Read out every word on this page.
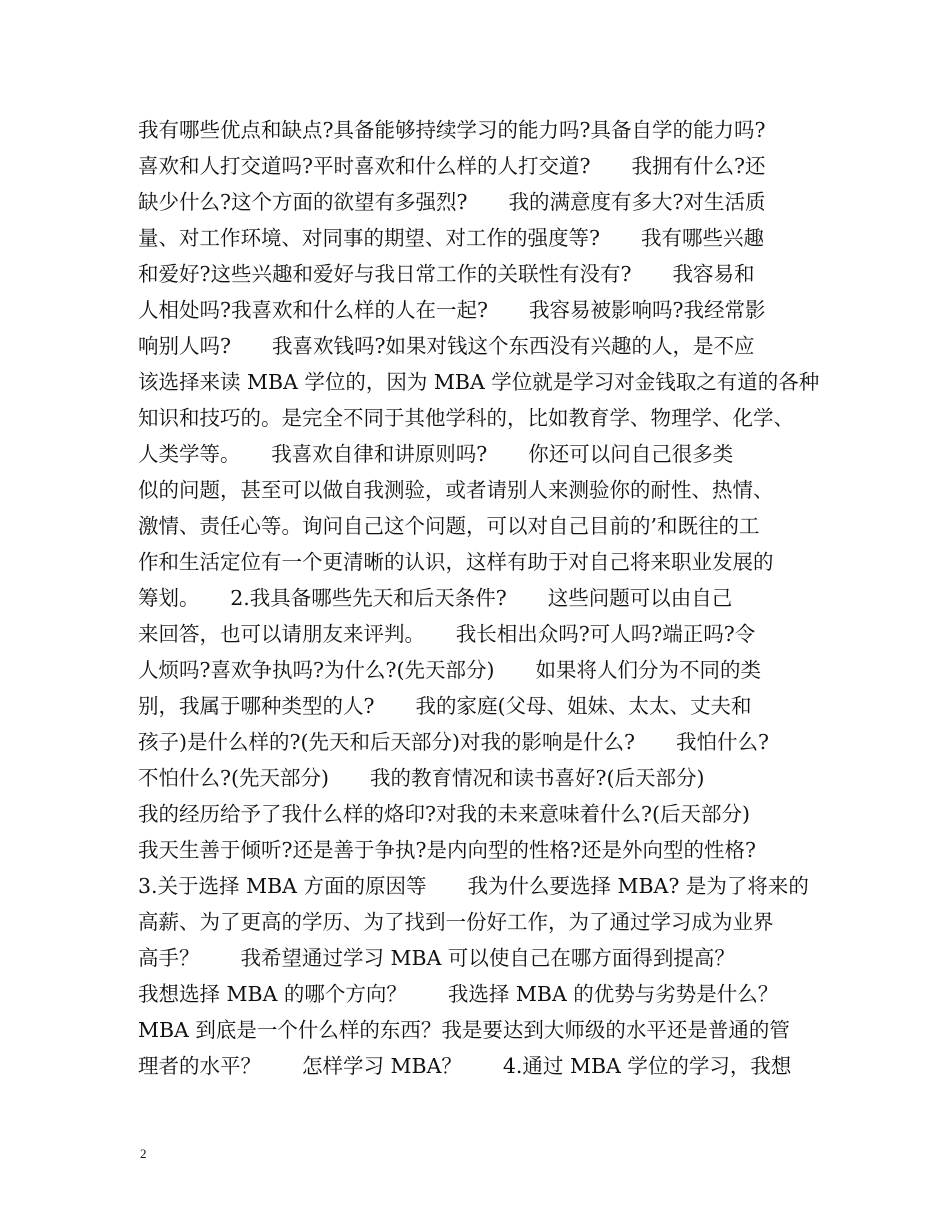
我有哪些优点和缺点?具备能够持续学习的能力吗?具备自学的能力吗?
喜欢和人打交道吗?平时喜欢和什么样的人打交道?　　我拥有什么?还
缺少什么?这个方面的欲望有多强烈?　　我的满意度有多大?对生活质
量、对工作环境、对同事的期望、对工作的强度等?　　我有哪些兴趣
和爱好?这些兴趣和爱好与我日常工作的关联性有没有?　　我容易和
人相处吗?我喜欢和什么样的人在一起?　　我容易被影响吗?我经常影
响别人吗?　　我喜欢钱吗?如果对钱这个东西没有兴趣的人，是不应
该选择来读 MBA 学位的，因为 MBA 学位就是学习对金钱取之有道的各种
知识和技巧的。是完全不同于其他学科的，比如教育学、物理学、化学、
人类学等。　　我喜欢自律和讲原则吗?　　你还可以问自己很多类
似的问题，甚至可以做自我测验，或者请别人来测验你的耐性、热情、
激情、责任心等。询问自己这个问题，可以对自己目前的’和既往的工
作和生活定位有一个更清晰的认识，这样有助于对自己将来职业发展的
筹划。　　2.我具备哪些先天和后天条件?　　这些问题可以由自己
来回答，也可以请朋友来评判。　　我长相出众吗?可人吗?端正吗?令
人烦吗?喜欢争执吗?为什么?(先天部分)　　如果将人们分为不同的类
别，我属于哪种类型的人?　　我的家庭(父母、姐妹、太太、丈夫和
孩子)是什么样的?(先天和后天部分)对我的影响是什么?　　我怕什么?
不怕什么?(先天部分)　　我的教育情况和读书喜好?(后天部分)
我的经历给予了我什么样的烙印?对我的未来意味着什么?(后天部分)
我天生善于倾听?还是善于争执?是内向型的性格?还是外向型的性格?
3.关于选择 MBA 方面的原因等　　我为什么要选择 MBA? 是为了将来的
高薪、为了更高的学历、为了找到一份好工作，为了通过学习成为业界
高手？　　我希望通过学习 MBA 可以使自己在哪方面得到提高？
我想选择 MBA 的哪个方向？　　我选择 MBA 的优势与劣势是什么？
MBA 到底是一个什么样的东西？我是要达到大师级的水平还是普通的管
理者的水平？　　怎样学习 MBA？　　4.通过 MBA 学位的学习，我想
2
